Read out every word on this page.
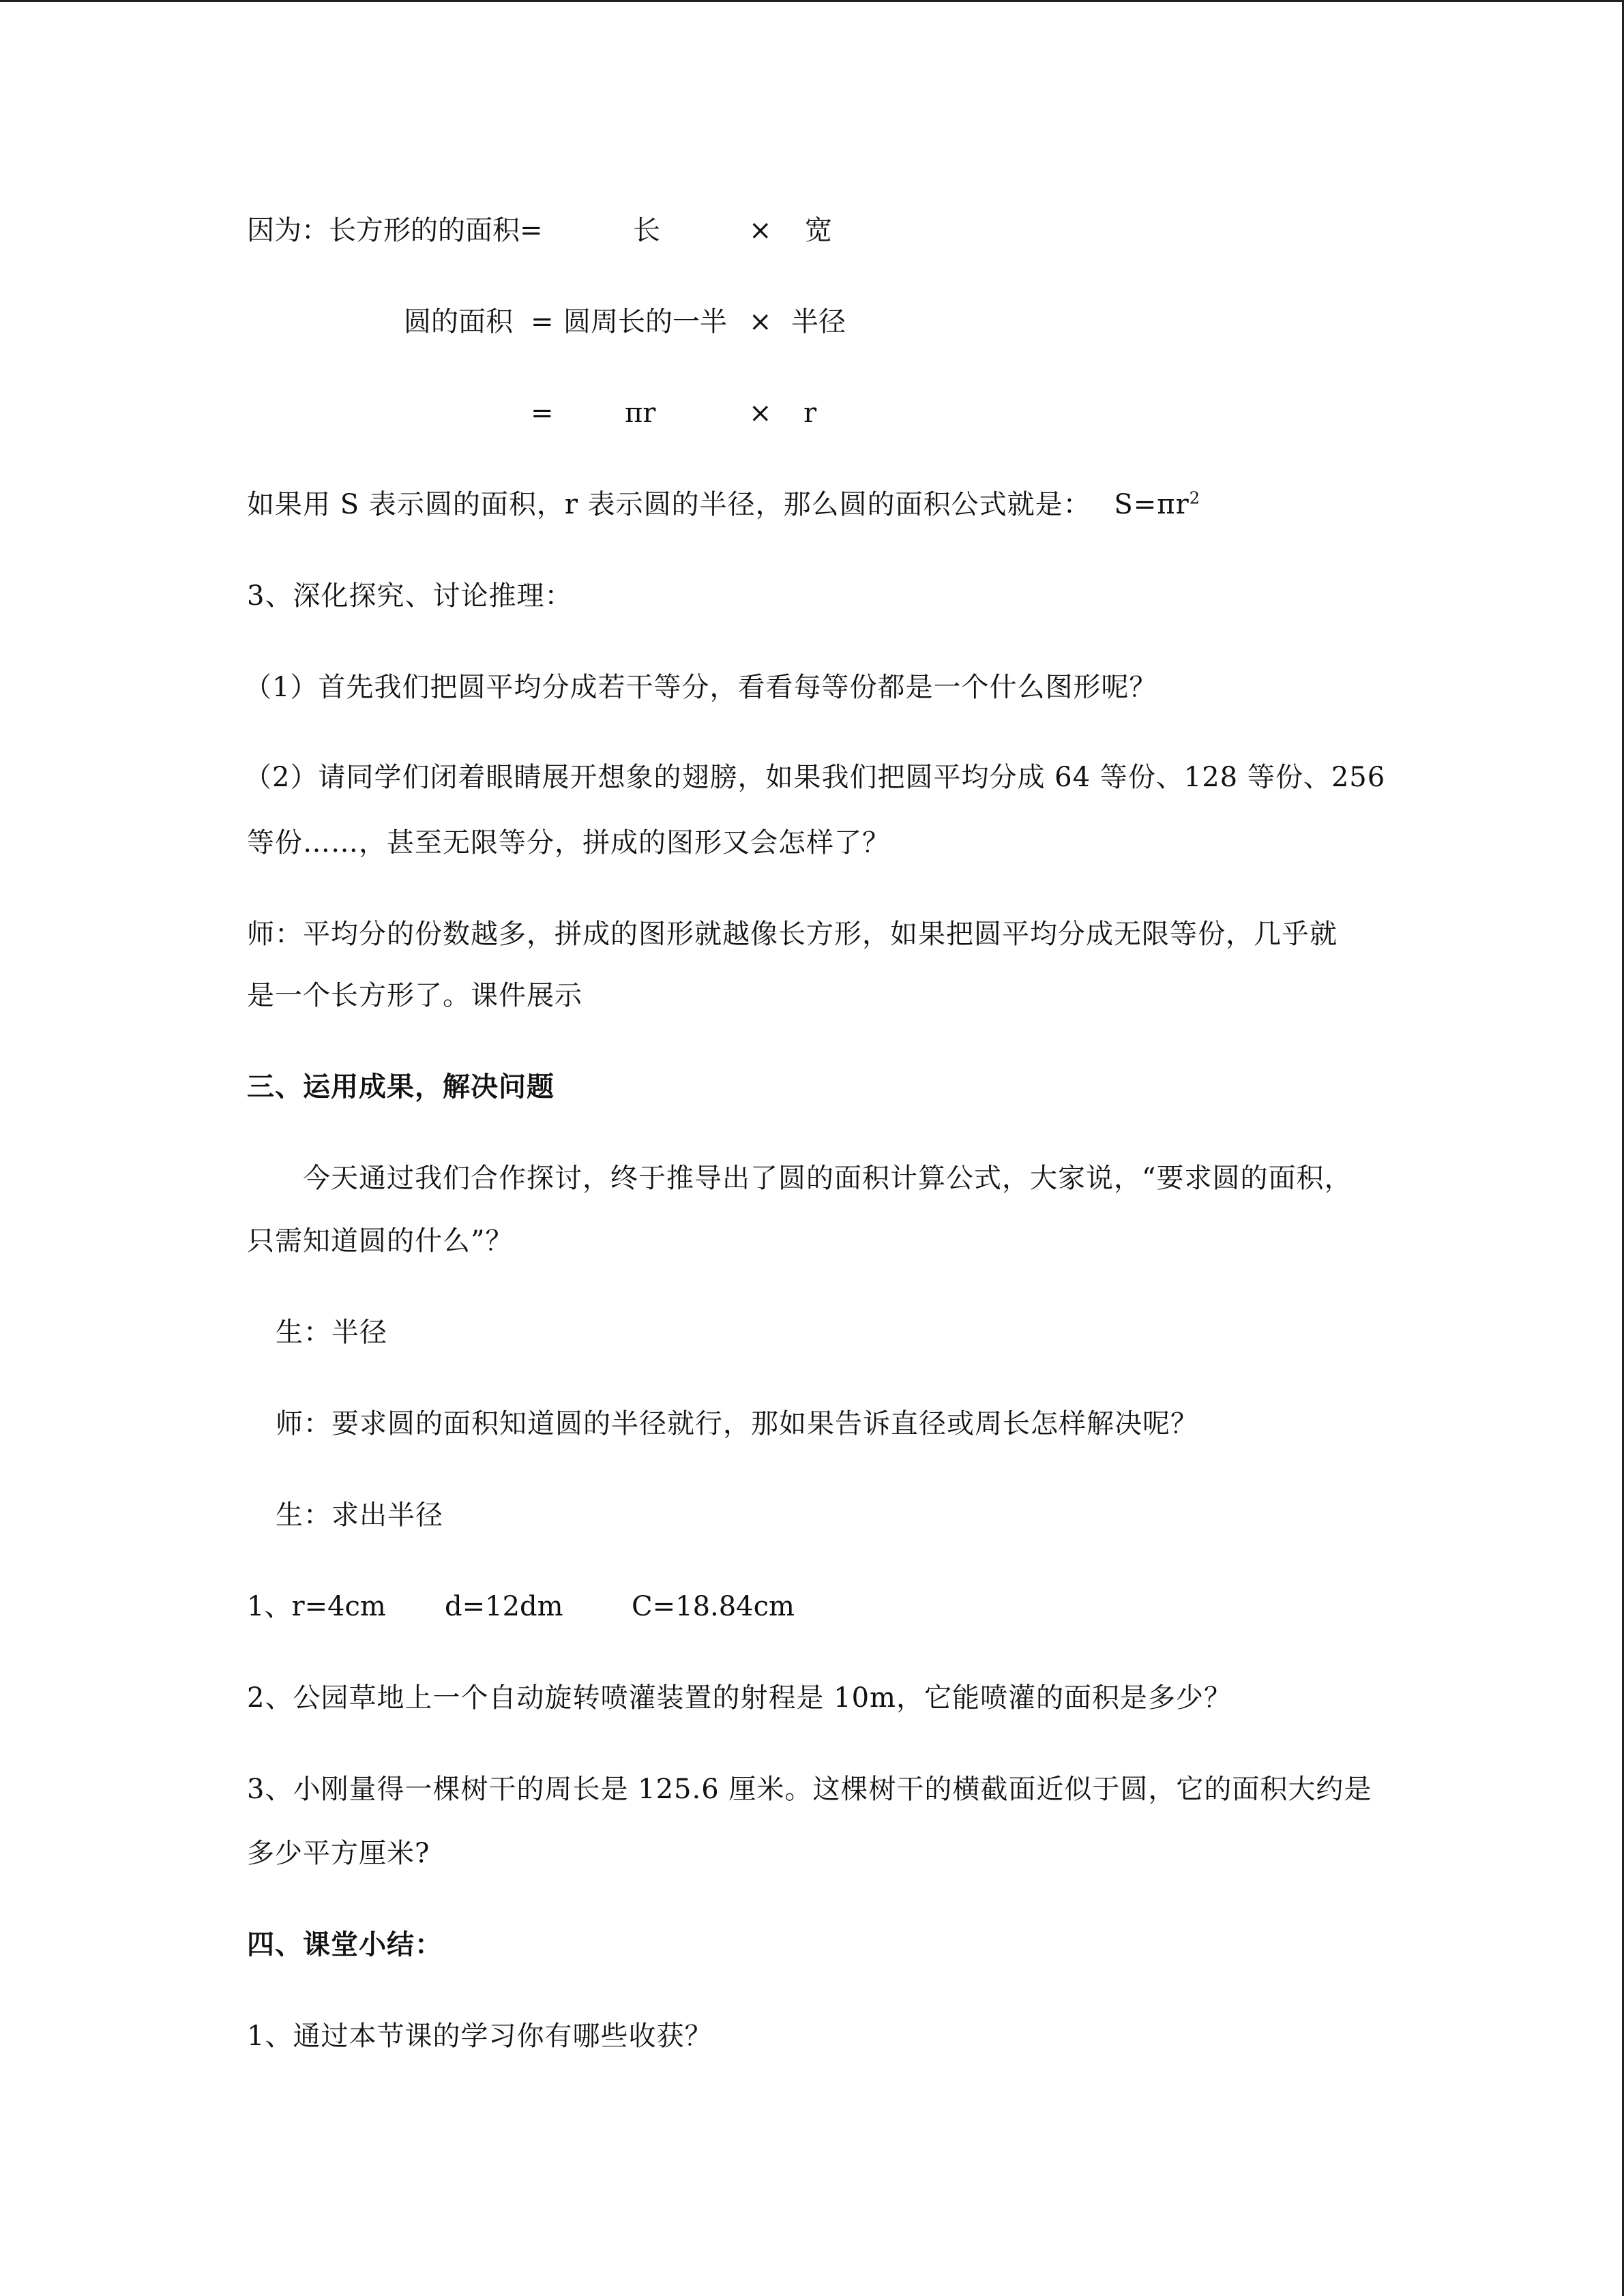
因为：长方形的的面积=	长	× 宽
圆的面积 = 圆周长的一半 × 半径
=	πr	× r
如果用 S 表示圆的面积，r 表示圆的半径，那么圆的面积公式就是： $S=\pi r^2$
3、深化探究、讨论推理：
（1）首先我们把圆平均分成若干等分，看看每等份都是一个什么图形呢？
（2）请同学们闭着眼睛展开想象的翅膀，如果我们把圆平均分成 64 等份、128 等份、256
等份……，甚至无限等分，拼成的图形又会怎样了？
师：平均分的份数越多，拼成的图形就越像长方形，如果把圆平均分成无限等份，几乎就
是一个长方形了。课件展示
三、运用成果，解决问题
今天通过我们合作探讨，终于推导出了圆的面积计算公式，大家说，“要求圆的面积，
只需知道圆的什么”？
生：半径
师：要求圆的面积知道圆的半径就行，那如果告诉直径或周长怎样解决呢？
生：求出半径
1、r=4cm d=12dm	C=18.84cm
2、公园草地上一个自动旋转喷灌装置的射程是 10m，它能喷灌的面积是多少？
3、小刚量得一棵树干的周长是 125.6 厘米。这棵树干的横截面近似于圆，它的面积大约是
多少平方厘米?
四、课堂小结：
1、通过本节课的学习你有哪些收获？
